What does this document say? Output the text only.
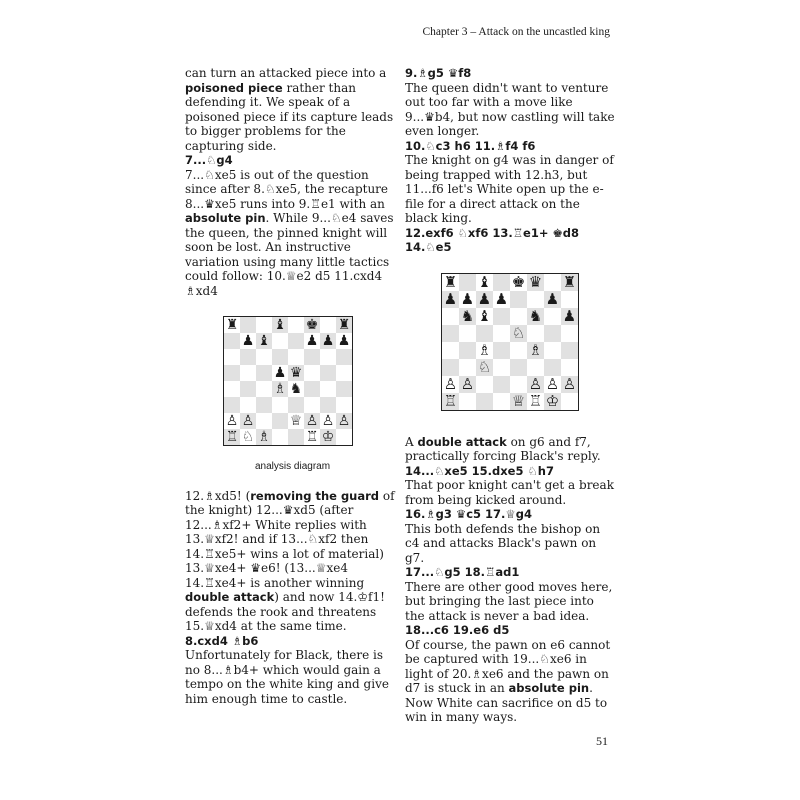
Chapter 3 – Attack on the uncastled king

can turn an attacked piece into a poisoned piece rather than defending it. We speak of a poisoned piece if its capture leads to bigger problems for the capturing side.

7...♘g4

7...♘xe5 is out of the question since after 8.♘xe5, the recapture 8...♛xe5 runs into 9.♖e1 with an absolute pin. While 9...♘e4 saves the queen, the pinned knight will soon be lost. An instructive variation using many little tactics could follow: 10.♕e2 d5 11.cxd4 ♗xd4

♜	♝ ♚ ♜
♟ ♝	♟ ♟ ♟
♟ ♛
♗ ♞
♙ ♙	♕ ♙ ♙ ♙
♖ ♘ ♗	♖ ♔
analysis diagram

12.♗xd5! (removing the guard of the knight) 12...♛xd5 (after 12...♗xf2+ White replies with 13.♕xf2! and if 13...♘xf2 then 14.♖xe5+ wins a lot of material) 13.♕xe4+ ♛e6! (13...♕xe4 14.♖xe4+ is another winning double attack) and now 14.♔f1! defends the rook and threatens 15.♕xd4 at the same time.

8.cxd4 ♗b6

Unfortunately for Black, there is no 8...♗b4+ which would gain a tempo on the white king and give him enough time to castle.

9.♗g5 ♛f8

The queen didn't want to venture out too far with a move like 9...♛b4, but now castling will take even longer.

10.♘c3 h6 11.♗f4 f6

The knight on g4 was in danger of being trapped with 12.h3, but 11...f6 let's White open up the e-file for a direct attack on the black king.

12.exf6 ♘xf6 13.♖e1+ ♚d8 14.♘e5

♜ ♝ ♚ ♛ ♜
♟ ♟ ♟ ♟	♟
♞ ♝	♞ ♟
♘
♗	♗
♘
♙ ♙	♙ ♙ ♙
♖	♕ ♖ ♔

A double attack on g6 and f7, practically forcing Black's reply.

14...♘xe5 15.dxe5 ♘h7

That poor knight can't get a break from being kicked around.

16.♗g3 ♛c5 17.♕g4

This both defends the bishop on c4 and attacks Black's pawn on g7.

17...♘g5 18.♖ad1

There are other good moves here, but bringing the last piece into the attack is never a bad idea.

18...c6 19.e6 d5

Of course, the pawn on e6 cannot be captured with 19...♘xe6 in light of 20.♗xe6 and the pawn on d7 is stuck in an absolute pin.

Now White can sacrifice on d5 to win in many ways.

51
